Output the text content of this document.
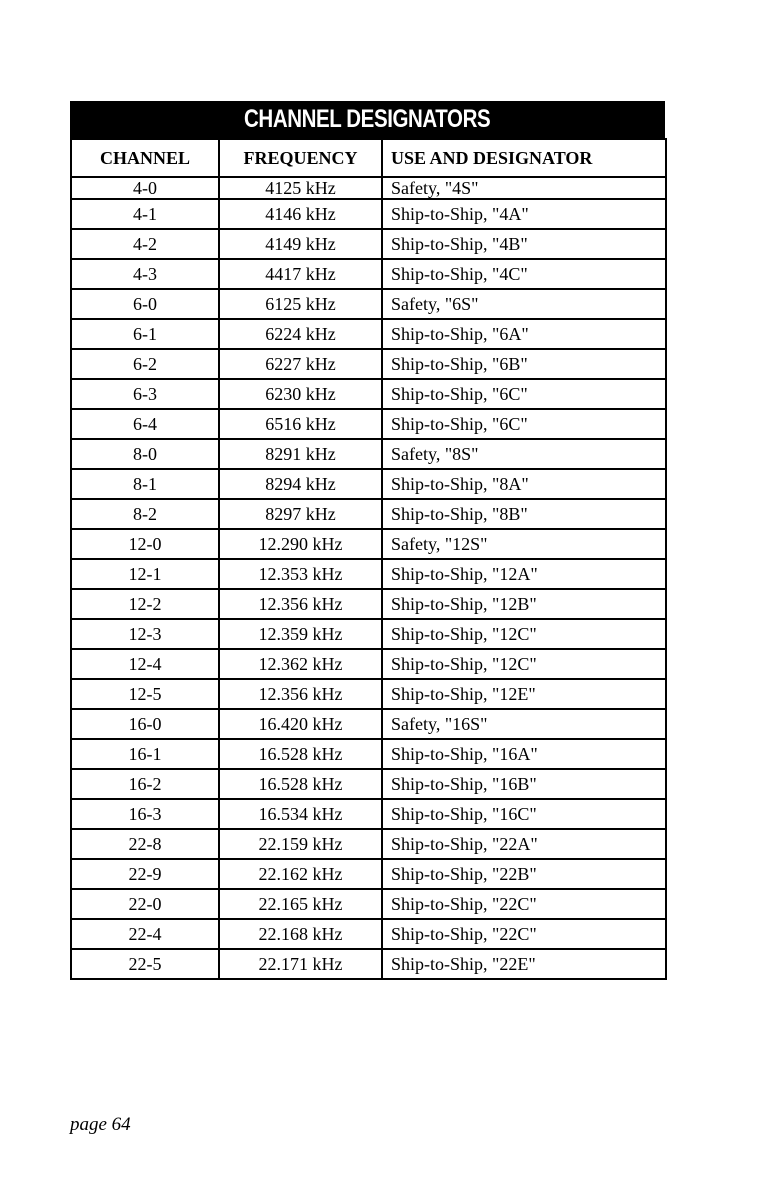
CHANNEL DESIGNATORS
CHANNEL	FREQUENCY	USE AND DESIGNATOR
4-0	4125 kHz	Safety, "4S"
4-1	4146 kHz	Ship-to-Ship, "4A"
4-2	4149 kHz	Ship-to-Ship, "4B"
4-3	4417 kHz	Ship-to-Ship, "4C"
6-0	6125 kHz	Safety, "6S"
6-1	6224 kHz	Ship-to-Ship, "6A"
6-2	6227 kHz	Ship-to-Ship, "6B"
6-3	6230 kHz	Ship-to-Ship, "6C"
6-4	6516 kHz	Ship-to-Ship, "6C"
8-0	8291 kHz	Safety, "8S"
8-1	8294 kHz	Ship-to-Ship, "8A"
8-2	8297 kHz	Ship-to-Ship, "8B"
12-0	12.290 kHz	Safety, "12S"
12-1	12.353 kHz	Ship-to-Ship, "12A"
12-2	12.356 kHz	Ship-to-Ship, "12B"
12-3	12.359 kHz	Ship-to-Ship, "12C"
12-4	12.362 kHz	Ship-to-Ship, "12C"
12-5	12.356 kHz	Ship-to-Ship, "12E"
16-0	16.420 kHz	Safety, "16S"
16-1	16.528 kHz	Ship-to-Ship, "16A"
16-2	16.528 kHz	Ship-to-Ship, "16B"
16-3	16.534 kHz	Ship-to-Ship, "16C"
22-8	22.159 kHz	Ship-to-Ship, "22A"
22-9	22.162 kHz	Ship-to-Ship, "22B"
22-0	22.165 kHz	Ship-to-Ship, "22C"
22-4	22.168 kHz	Ship-to-Ship, "22C"
22-5	22.171 kHz	Ship-to-Ship, "22E"
page 64
